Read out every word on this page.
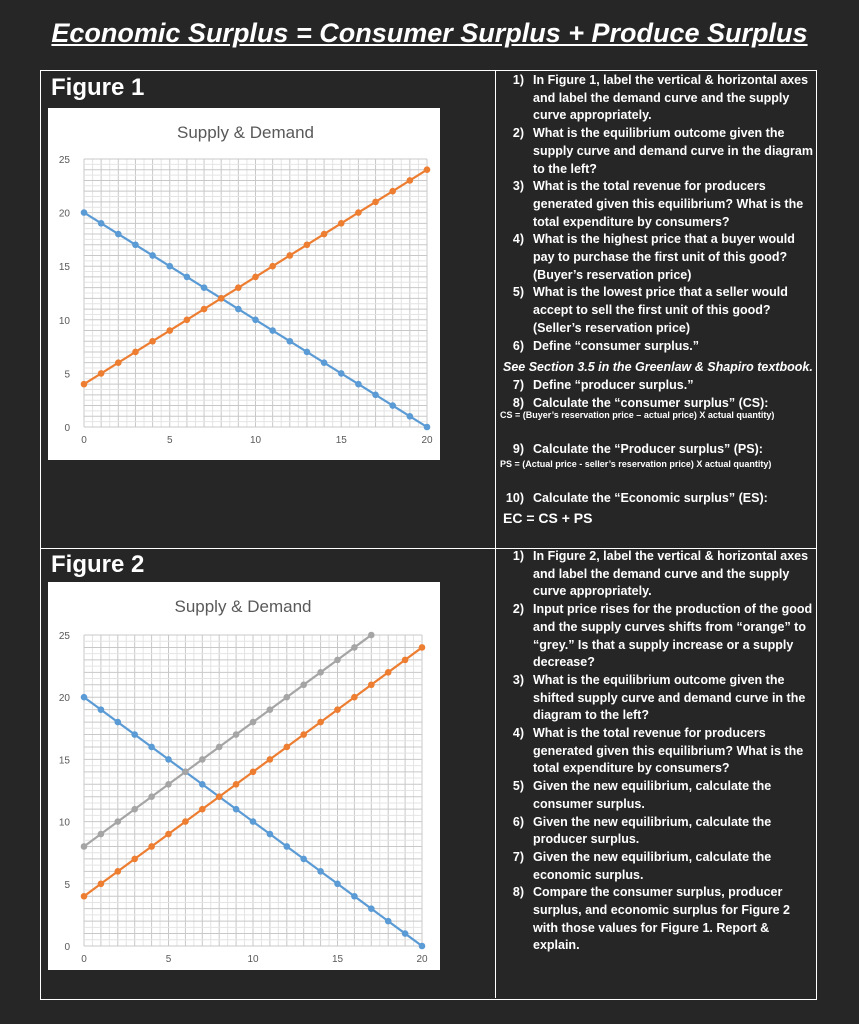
Economic Surplus = Consumer Surplus + Produce Surplus
Figure 1
Supply & Demand
0
5
10
15
20
25
0	5	10	15	20
1) In Figure 1, label the vertical & horizontal axes and label the demand curve and the supply curve appropriately.
2) What is the equilibrium outcome given the supply curve and demand curve in the diagram to the left?
3) What is the total revenue for producers generated given this equilibrium? What is the total expenditure by consumers?
4) What is the highest price that a buyer would pay to purchase the first unit of this good? (Buyer’s reservation price)
5) What is the lowest price that a seller would accept to sell the first unit of this good? (Seller’s reservation price)
6) Define “consumer surplus.”
See Section 3.5 in the Greenlaw & Shapiro textbook.
7) Define “producer surplus.”
8) Calculate the “consumer surplus” (CS):
CS = (Buyer’s reservation price – actual price) X actual quantity)
9) Calculate the “Producer surplus” (PS):
PS = (Actual price - seller’s reservation price) X actual quantity)
10) Calculate the “Economic surplus” (ES):
EC = CS + PS
Figure 2
Supply & Demand
0
5
10
15
20
25
0	5	10	15	20
1) In Figure 2, label the vertical & horizontal axes and label the demand curve and the supply curve appropriately.
2) Input price rises for the production of the good and the supply curves shifts from “orange” to “grey.” Is that a supply increase or a supply decrease?
3) What is the equilibrium outcome given the shifted supply curve and demand curve in the diagram to the left?
4) What is the total revenue for producers generated given this equilibrium? What is the total expenditure by consumers?
5) Given the new equilibrium, calculate the consumer surplus.
6) Given the new equilibrium, calculate the producer surplus.
7) Given the new equilibrium, calculate the economic surplus.
8) Compare the consumer surplus, producer surplus, and economic surplus for Figure 2 with those values for Figure 1. Report & explain.
